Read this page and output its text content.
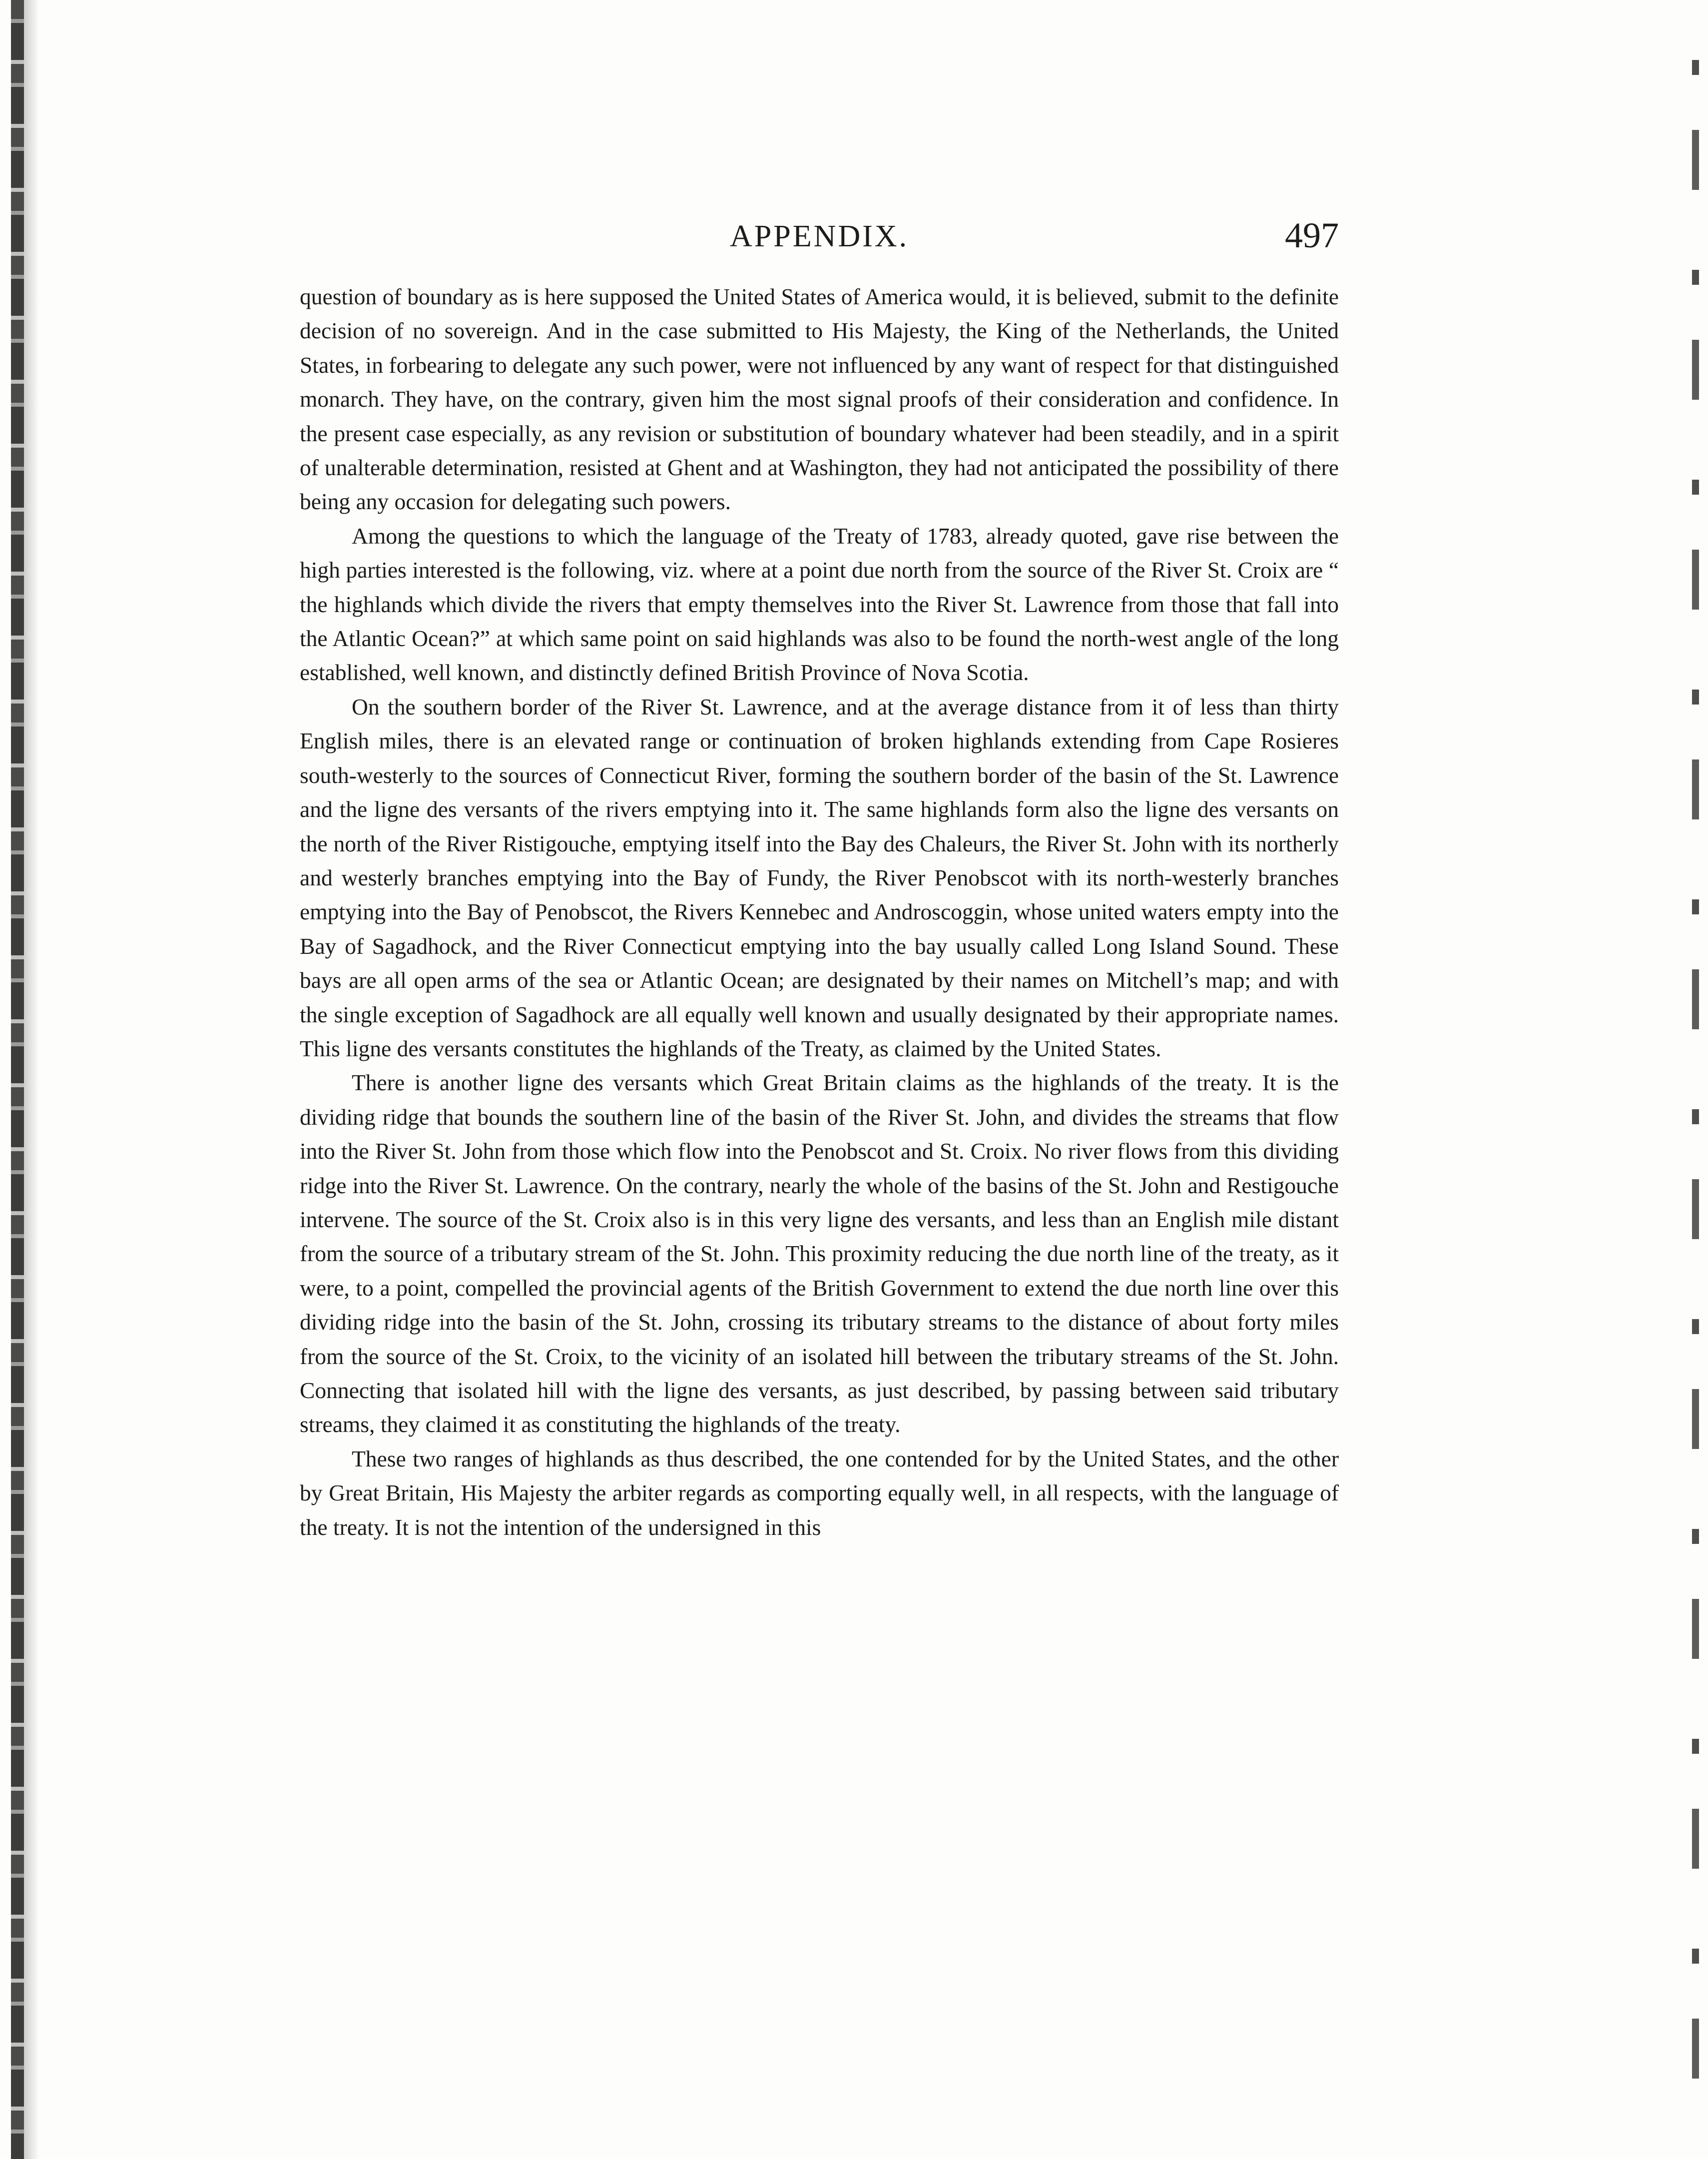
APPENDIX.	497

question of boundary as is here supposed the United States of America would, it is believed, submit to the definite decision of no sovereign. And in the case submitted to His Majesty, the King of the Netherlands, the United States, in forbearing to delegate any such power, were not influenced by any want of respect for that distinguished monarch. They have, on the contrary, given him the most signal proofs of their consideration and confidence. In the present case especially, as any revision or substitution of boundary whatever had been steadily, and in a spirit of unalterable determination, resisted at Ghent and at Washington, they had not anticipated the possibility of there being any occasion for delegating such powers.

Among the questions to which the language of the Treaty of 1783, already quoted, gave rise between the high parties interested is the following, viz. where at a point due north from the source of the River St. Croix are “ the highlands which divide the rivers that empty themselves into the River St. Lawrence from those that fall into the Atlantic Ocean?” at which same point on said highlands was also to be found the north-west angle of the long established, well known, and distinctly defined British Province of Nova Scotia.

On the southern border of the River St. Lawrence, and at the average distance from it of less than thirty English miles, there is an elevated range or continuation of broken highlands extending from Cape Rosieres south-westerly to the sources of Connecticut River, forming the southern border of the basin of the St. Lawrence and the ligne des versants of the rivers emptying into it. The same highlands form also the ligne des versants on the north of the River Ristigouche, emptying itself into the Bay des Chaleurs, the River St. John with its northerly and westerly branches emptying into the Bay of Fundy, the River Penobscot with its north-westerly branches emptying into the Bay of Penobscot, the Rivers Kennebec and Androscoggin, whose united waters empty into the Bay of Sagadhock, and the River Connecticut emptying into the bay usually called Long Island Sound. These bays are all open arms of the sea or Atlantic Ocean; are designated by their names on Mitchell’s map; and with the single exception of Sagadhock are all equally well known and usually designated by their appropriate names. This ligne des versants constitutes the highlands of the Treaty, as claimed by the United States.

There is another ligne des versants which Great Britain claims as the highlands of the treaty. It is the dividing ridge that bounds the southern line of the basin of the River St. John, and divides the streams that flow into the River St. John from those which flow into the Penobscot and St. Croix. No river flows from this dividing ridge into the River St. Lawrence. On the contrary, nearly the whole of the basins of the St. John and Restigouche intervene. The source of the St. Croix also is in this very ligne des versants, and less than an English mile distant from the source of a tributary stream of the St. John. This proximity reducing the due north line of the treaty, as it were, to a point, compelled the provincial agents of the British Government to extend the due north line over this dividing ridge into the basin of the St. John, crossing its tributary streams to the distance of about forty miles from the source of the St. Croix, to the vicinity of an isolated hill between the tributary streams of the St. John. Connecting that isolated hill with the ligne des versants, as just described, by passing between said tributary streams, they claimed it as constituting the highlands of the treaty.

These two ranges of highlands as thus described, the one contended for by the United States, and the other by Great Britain, His Majesty the arbiter regards as comporting equally well, in all respects, with the language of the treaty. It is not the intention of the undersigned in this
